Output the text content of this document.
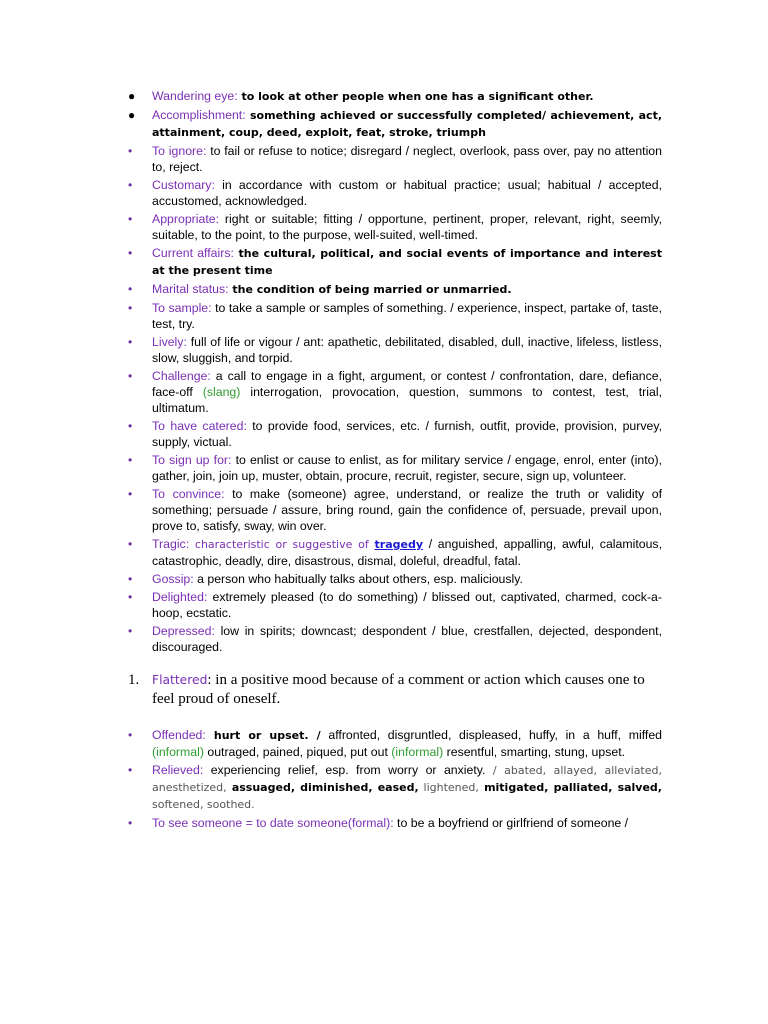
● Wandering eye: to look at other people when one has a significant other.
● Accomplishment: something achieved or successfully completed/ achievement, act, attainment, coup, deed, exploit, feat, stroke, triumph
•	To ignore: to fail or refuse to notice; disregard / neglect, overlook, pass over, pay no attention to, reject.
•	Customary: in accordance with custom or habitual practice; usual; habitual / accepted, accustomed, acknowledged.
•	Appropriate: right or suitable; fitting / opportune, pertinent, proper, relevant, right, seemly, suitable, to the point, to the purpose, well-suited, well-timed.
•	Current affairs: the cultural, political, and social events of importance and interest at the present time
•	Marital status: the condition of being married or unmarried.
•	To sample: to take a sample or samples of something. / experience, inspect, partake of, taste, test, try.
•	Lively: full of life or vigour / ant: apathetic, debilitated, disabled, dull, inactive, lifeless, listless, slow, sluggish, and torpid.
•	Challenge: a call to engage in a fight, argument, or contest / confrontation, dare, defiance, face-off (slang) interrogation, provocation, question, summons to contest, test, trial, ultimatum.
•	To have catered: to provide food, services, etc. / furnish, outfit, provide, provision, purvey, supply, victual.
•	To sign up for: to enlist or cause to enlist, as for military service / engage, enrol, enter (into), gather, join, join up, muster, obtain, procure, recruit, register, secure, sign up, volunteer.
•	To convince: to make (someone) agree, understand, or realize the truth or validity of something; persuade / assure, bring round, gain the confidence of, persuade, prevail upon, prove to, satisfy, sway, win over.
•	Tragic: characteristic or suggestive of tragedy / anguished, appalling, awful, calamitous, catastrophic, deadly, dire, disastrous, dismal, doleful, dreadful, fatal.
•	Gossip: a person who habitually talks about others, esp. maliciously.
•	Delighted: extremely pleased (to do something) / blissed out, captivated, charmed, cock-a-hoop, ecstatic.
•	Depressed: low in spirits; downcast; despondent / blue, crestfallen, dejected, despondent, discouraged.
1. Flattered: in a positive mood because of a comment or action which causes one to feel proud of oneself.
•	Offended: hurt or upset. / affronted, disgruntled, displeased, huffy, in a huff, miffed (informal) outraged, pained, piqued, put out (informal) resentful, smarting, stung, upset.
•	Relieved: experiencing relief, esp. from worry or anxiety. / abated, allayed, alleviated, anesthetized, assuaged, diminished, eased, lightened, mitigated, palliated, salved, softened, soothed.
•	To see someone = to date someone(formal): to be a boyfriend or girlfriend of someone /
